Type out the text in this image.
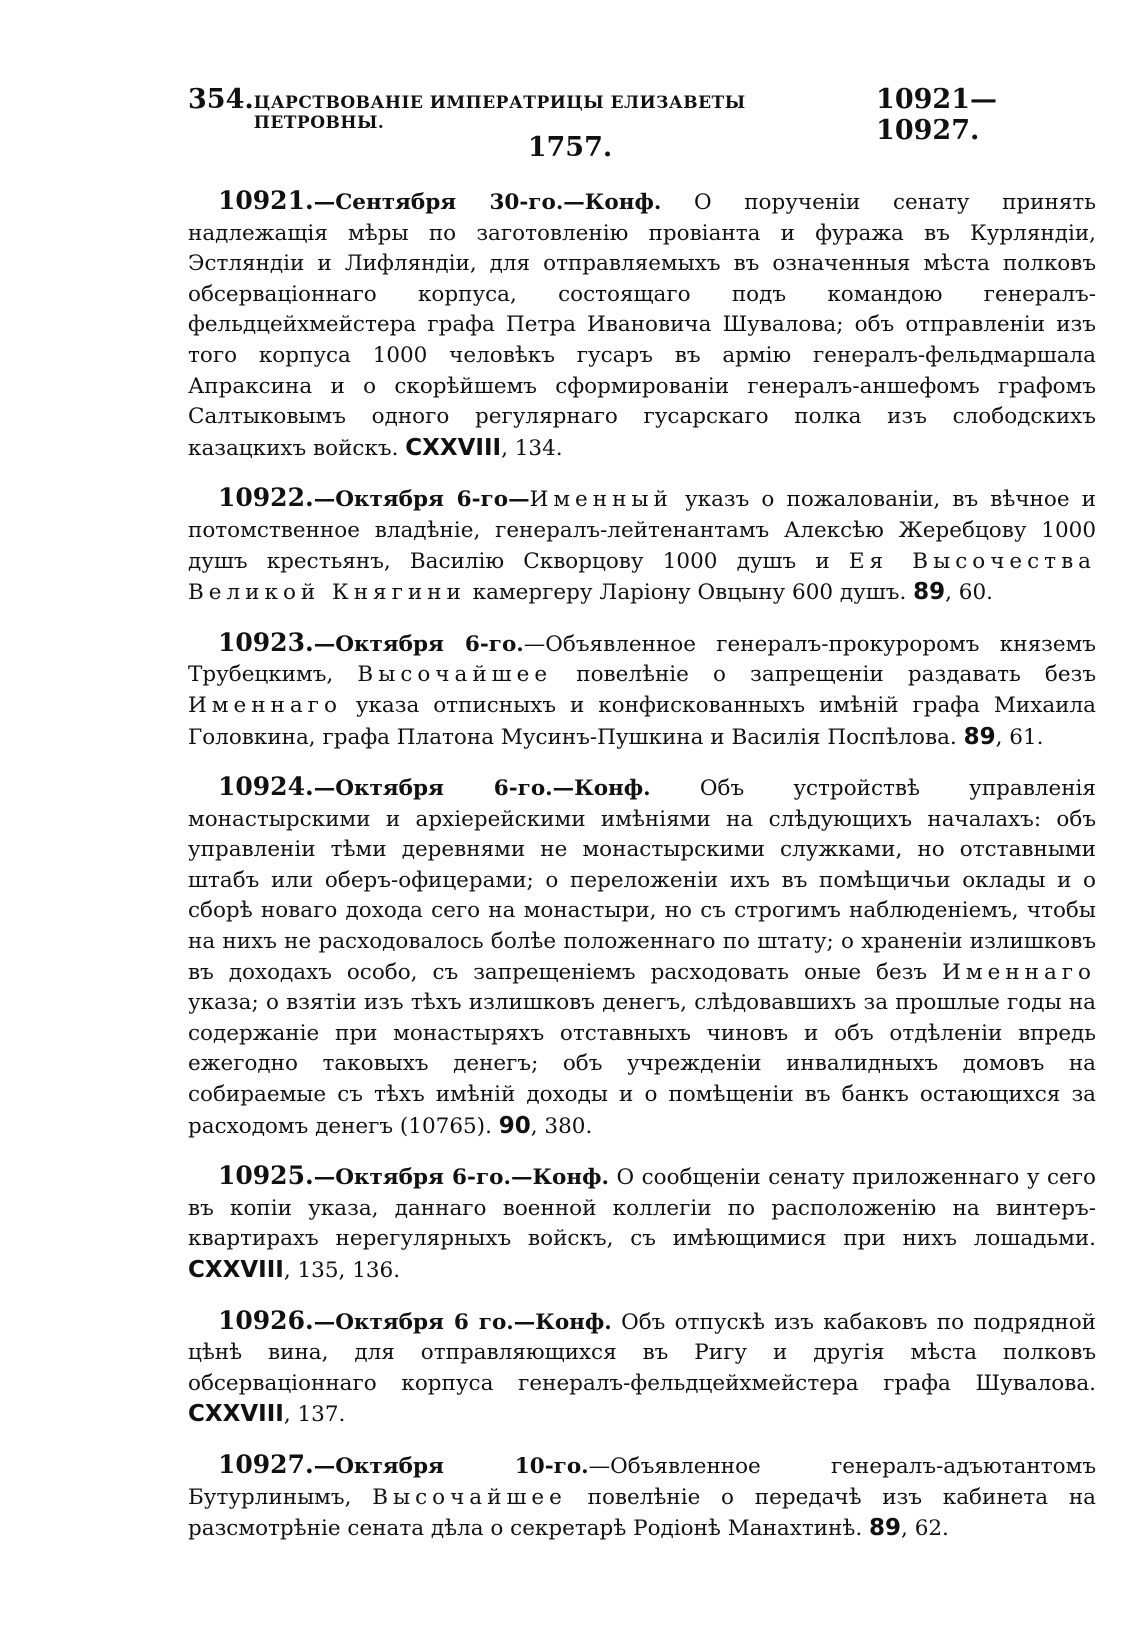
354. ЦАРСТВОВАНІЕ ИМПЕРАТРИЦЫ ЕЛИЗАВЕТЫ ПЕТРОВНЫ.
10921—10927.
1757.

10921.—Сентября 30-го.—Конф. О порученіи сенату принять надлежащія мѣры по заготовленію провіанта и фуража въ Курляндіи, Эстляндіи и Лифляндіи, для отправляемыхъ въ означенныя мѣста полковъ обсерваціоннаго корпуса, состоящаго подъ командою генералъ-фельдцейхмейстера графа Петра Ивановича Шувалова; объ отправленіи изъ того корпуса 1000 человѣкъ гусаръ въ армію генералъ-фельдмаршала Апраксина и о скорѣйшемъ сформированіи генералъ-аншефомъ графомъ Салтыковымъ одного регулярнаго гусарскаго полка изъ слободскихъ казацкихъ войскъ. CXXVIII, 134.

10922.—Октября 6-го—Именный указъ о пожалованіи, въ вѣчное и потомственное владѣніе, генералъ-лейтенантамъ Алексѣю Жеребцову 1000 душъ крестьянъ, Василію Скворцову 1000 душъ и Ея Высочества Великой Княгини камергеру Ларіону Овцыну 600 душъ. 89, 60.

10923.—Октября 6-го.—Объявленное генералъ-прокуроромъ княземъ Трубецкимъ, Высочайшее повелѣніе о запрещеніи раздавать безъ Именнаго указа отписныхъ и конфискованныхъ имѣній графа Михаила Головкина, графа Платона Мусинъ-Пушкина и Василія Поспѣлова. 89, 61.

10924.—Октября 6-го.—Конф. Объ устройствѣ управленія монастырскими и архіерейскими имѣніями на слѣдующихъ началахъ: объ управленіи тѣми деревнями не монастырскими служками, но отставными штабъ или оберъ-офицерами; о переложеніи ихъ въ помѣщичьи оклады и о сборѣ новаго дохода сего на монастыри, но съ строгимъ наблюденіемъ, чтобы на нихъ не расходовалось болѣе положеннаго по штату; о храненіи излишковъ въ доходахъ особо, съ запрещеніемъ расходовать оные безъ Именнаго указа; о взятіи изъ тѣхъ излишковъ денегъ, слѣдовавшихъ за прошлые годы на содержаніе при монастыряхъ отставныхъ чиновъ и объ отдѣленіи впредь ежегодно таковыхъ денегъ; объ учрежденіи инвалидныхъ домовъ на собираемые съ тѣхъ имѣній доходы и о помѣщеніи въ банкъ остающихся за расходомъ денегъ (10765). 90, 380.

10925.—Октября 6-го.—Конф. О сообщеніи сенату приложеннаго у сего въ копіи указа, даннаго военной коллегіи по расположенію на винтеръ-квартирахъ нерегулярныхъ войскъ, съ имѣющимися при нихъ лошадьми. CXXVIII, 135, 136.

10926.—Октября 6 го.—Конф. Объ отпускѣ изъ кабаковъ по подрядной цѣнѣ вина, для отправляющихся въ Ригу и другія мѣста полковъ обсерваціоннаго корпуса генералъ-фельдцейхмейстера графа Шувалова. CXXVIII, 137.

10927.—Октября 10-го.—Объявленное генералъ-адъютантомъ Бутурлинымъ, Высочайшее повелѣніе о передачѣ изъ кабинета на разсмотрѣніе сената дѣла о секретарѣ Родіонѣ Манахтинѣ. 89, 62.
